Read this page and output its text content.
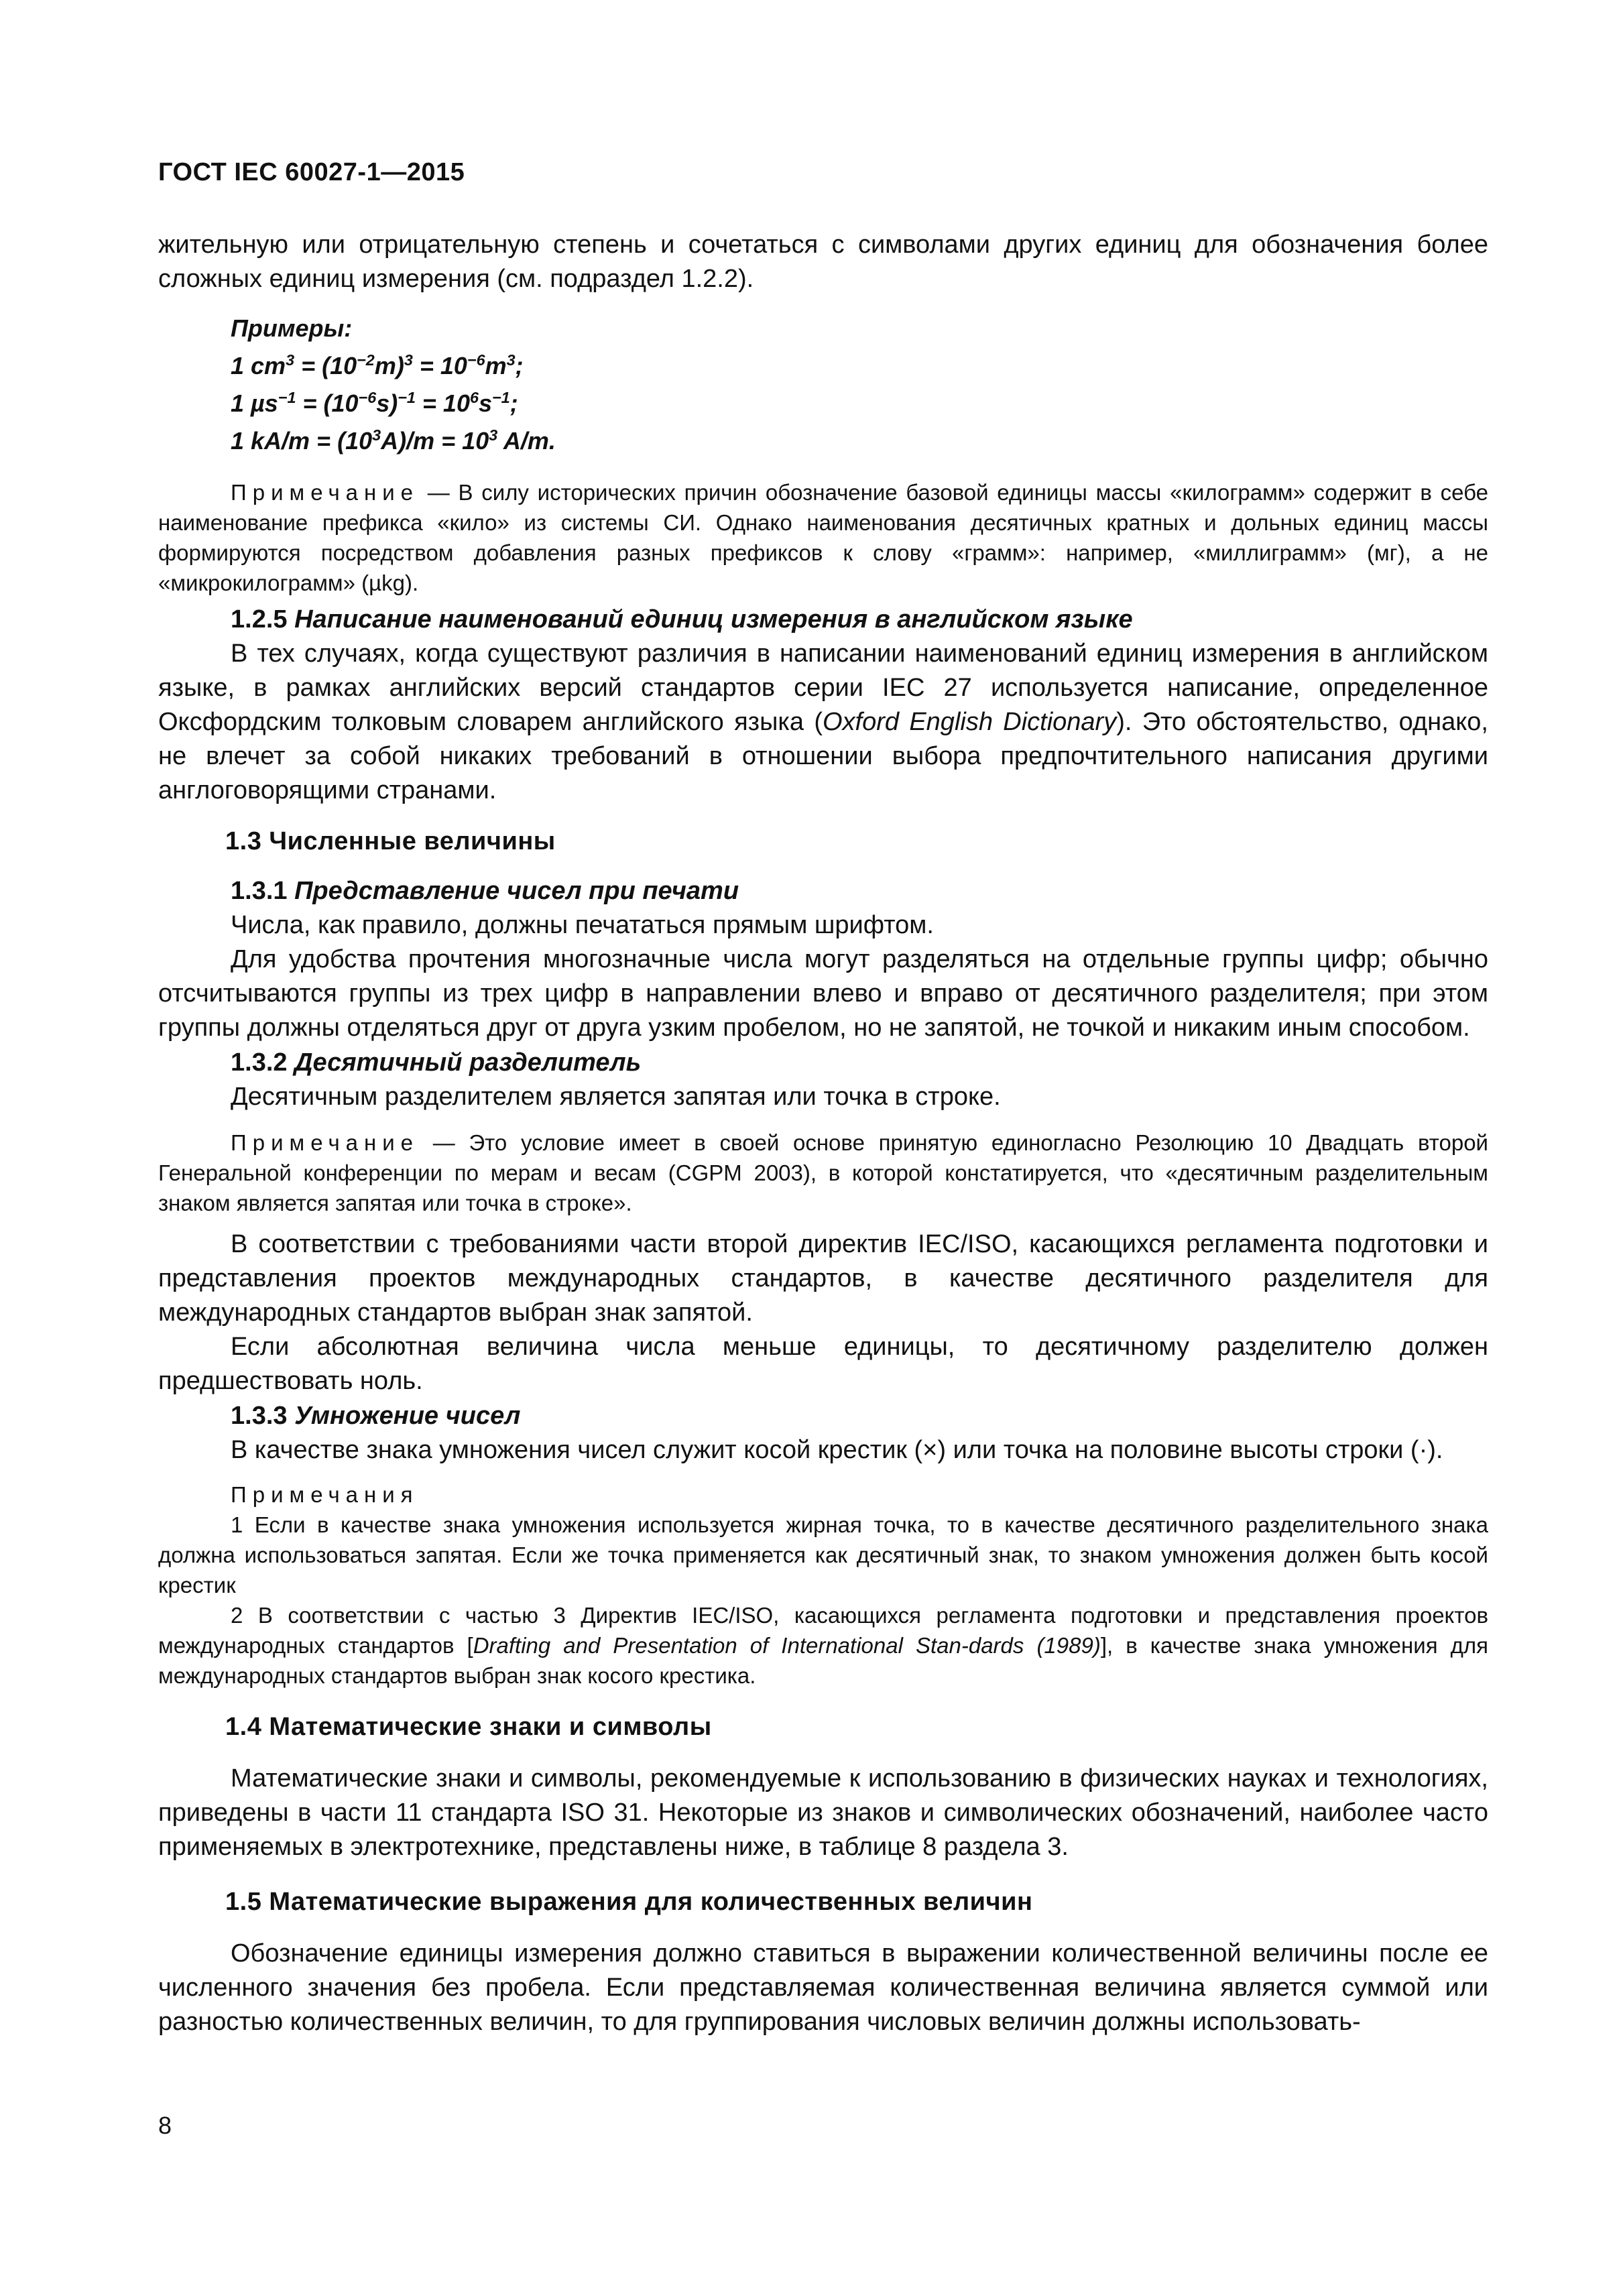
ГОСТ IEC 60027-1—2015

жительную или отрицательную степень и сочетаться с символами других единиц для обозначения более сложных единиц измерения (см. подраздел 1.2.2).

Примеры:

1 $cm^3 = (10^{-2}m)^3 = 10^{-6}m^3$;

1 $\mu s^{-1} = (10^{-6}s)^{-1} = 10^6s^{-1}$;

1 $kA/m = (10^3A)/m = 10^3$ A/m.

Примечание — В силу исторических причин обозначение базовой единицы массы «килограмм» содержит в себе наименование префикса «кило» из системы СИ. Однако наименования десятичных кратных и дольных единиц массы формируются посредством добавления разных префиксов к слову «грамм»: например, «миллиграмм» (мг), а не «микрокилограмм» (µkg).

1.2.5 Написание наименований единиц измерения в английском языке

В тех случаях, когда существуют различия в написании наименований единиц измерения в английском языке, в рамках английских версий стандартов серии IEC 27 используется написание, определенное Оксфордским толковым словарем английского языка (Oxford English Dictionary). Это обстоятельство, однако, не влечет за собой никаких требований в отношении выбора предпочтительного написания другими англоговорящими странами.

1.3 Численные величины

1.3.1 Представление чисел при печати

Числа, как правило, должны печататься прямым шрифтом.

Для удобства прочтения многозначные числа могут разделяться на отдельные группы цифр; обычно отсчитываются группы из трех цифр в направлении влево и вправо от десятичного разделителя; при этом группы должны отделяться друг от друга узким пробелом, но не запятой, не точкой и никаким иным способом.

1.3.2 Десятичный разделитель

Десятичным разделителем является запятая или точка в строке.

Примечание — Это условие имеет в своей основе принятую единогласно Резолюцию 10 Двадцать второй Генеральной конференции по мерам и весам (CGPM 2003), в которой констатируется, что «десятичным разделительным знаком является запятая или точка в строке».

В соответствии с требованиями части второй директив IEC/ISO, касающихся регламента подготовки и представления проектов международных стандартов, в качестве десятичного разделителя для международных стандартов выбран знак запятой.

Если абсолютная величина числа меньше единицы, то десятичному разделителю должен предшествовать ноль.

1.3.3 Умножение чисел

В качестве знака умножения чисел служит косой крестик (×) или точка на половине высоты строки (·).

Примечания

1 Если в качестве знака умножения используется жирная точка, то в качестве десятичного разделительного знака должна использоваться запятая. Если же точка применяется как десятичный знак, то знаком умножения должен быть косой крестик

2 В соответствии с частью 3 Директив IEC/ISO, касающихся регламента подготовки и представления проектов международных стандартов [Drafting and Presentation of International Stan-dards (1989)], в качестве знака умножения для международных стандартов выбран знак косого крестика.

1.4 Математические знаки и символы

Математические знаки и символы, рекомендуемые к использованию в физических науках и технологиях, приведены в части 11 стандарта ISO 31. Некоторые из знаков и символических обозначений, наиболее часто применяемых в электротехнике, представлены ниже, в таблице 8 раздела 3.

1.5 Математические выражения для количественных величин

Обозначение единицы измерения должно ставиться в выражении количественной величины после ее численного значения без пробела. Если представляемая количественная величина является суммой или разностью количественных величин, то для группирования числовых величин должны использовать-

8
